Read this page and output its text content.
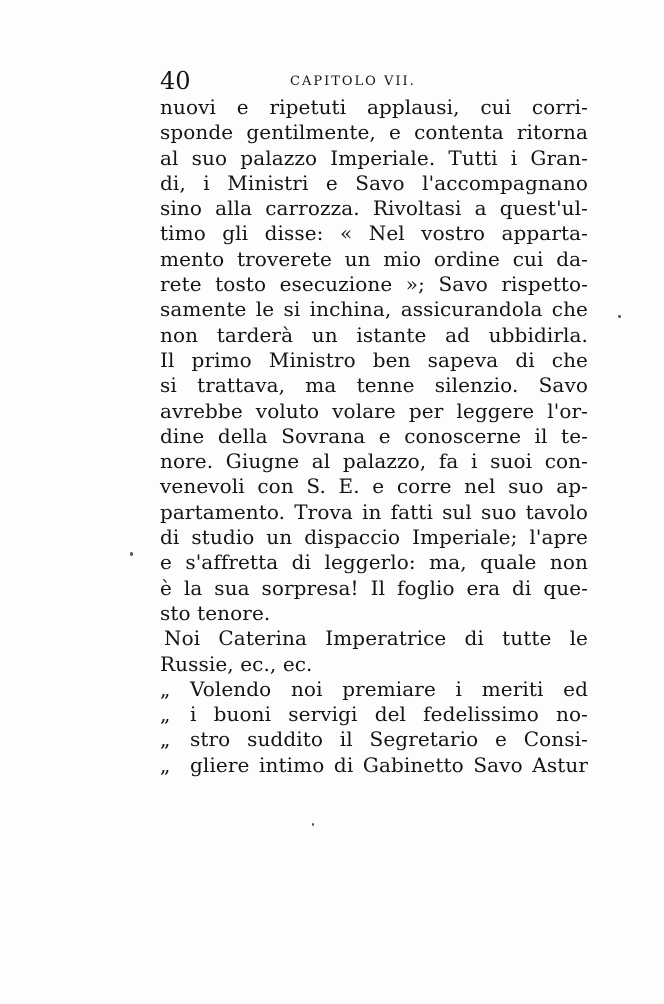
40	CAPITOLO VII.
nuovi e ripetuti applausi, cui corri-
sponde gentilmente, e contenta ritorna
al suo palazzo Imperiale. Tutti i Gran-
di, i Ministri e Savo l'accompagnano
sino alla carrozza. Rivoltasi a quest'ul-
timo gli disse: « Nel vostro apparta-
mento troverete un mio ordine cui da-
rete tosto esecuzione »; Savo rispetto-
samente le si inchina, assicurandola che
non tarderà un istante ad ubbidirla.
Il primo Ministro ben sapeva di che
si trattava, ma tenne silenzio. Savo
avrebbe voluto volare per leggere l'or-
dine della Sovrana e conoscerne il te-
nore. Giugne al palazzo, fa i suoi con-
venevoli con S. E. e corre nel suo ap-
partamento. Trova in fatti sul suo tavolo
di studio un dispaccio Imperiale; l'apre
e s'affretta di leggerlo: ma, quale non
è la sua sorpresa! Il foglio era di que-
sto tenore.
Noi Caterina Imperatrice di tutte le
Russie, ec., ec.
„ Volendo noi premiare i meriti ed
„ i buoni servigi del fedelissimo no-
„ stro suddito il Segretario e Consi-
„ gliere intimo di Gabinetto Savo Astur
